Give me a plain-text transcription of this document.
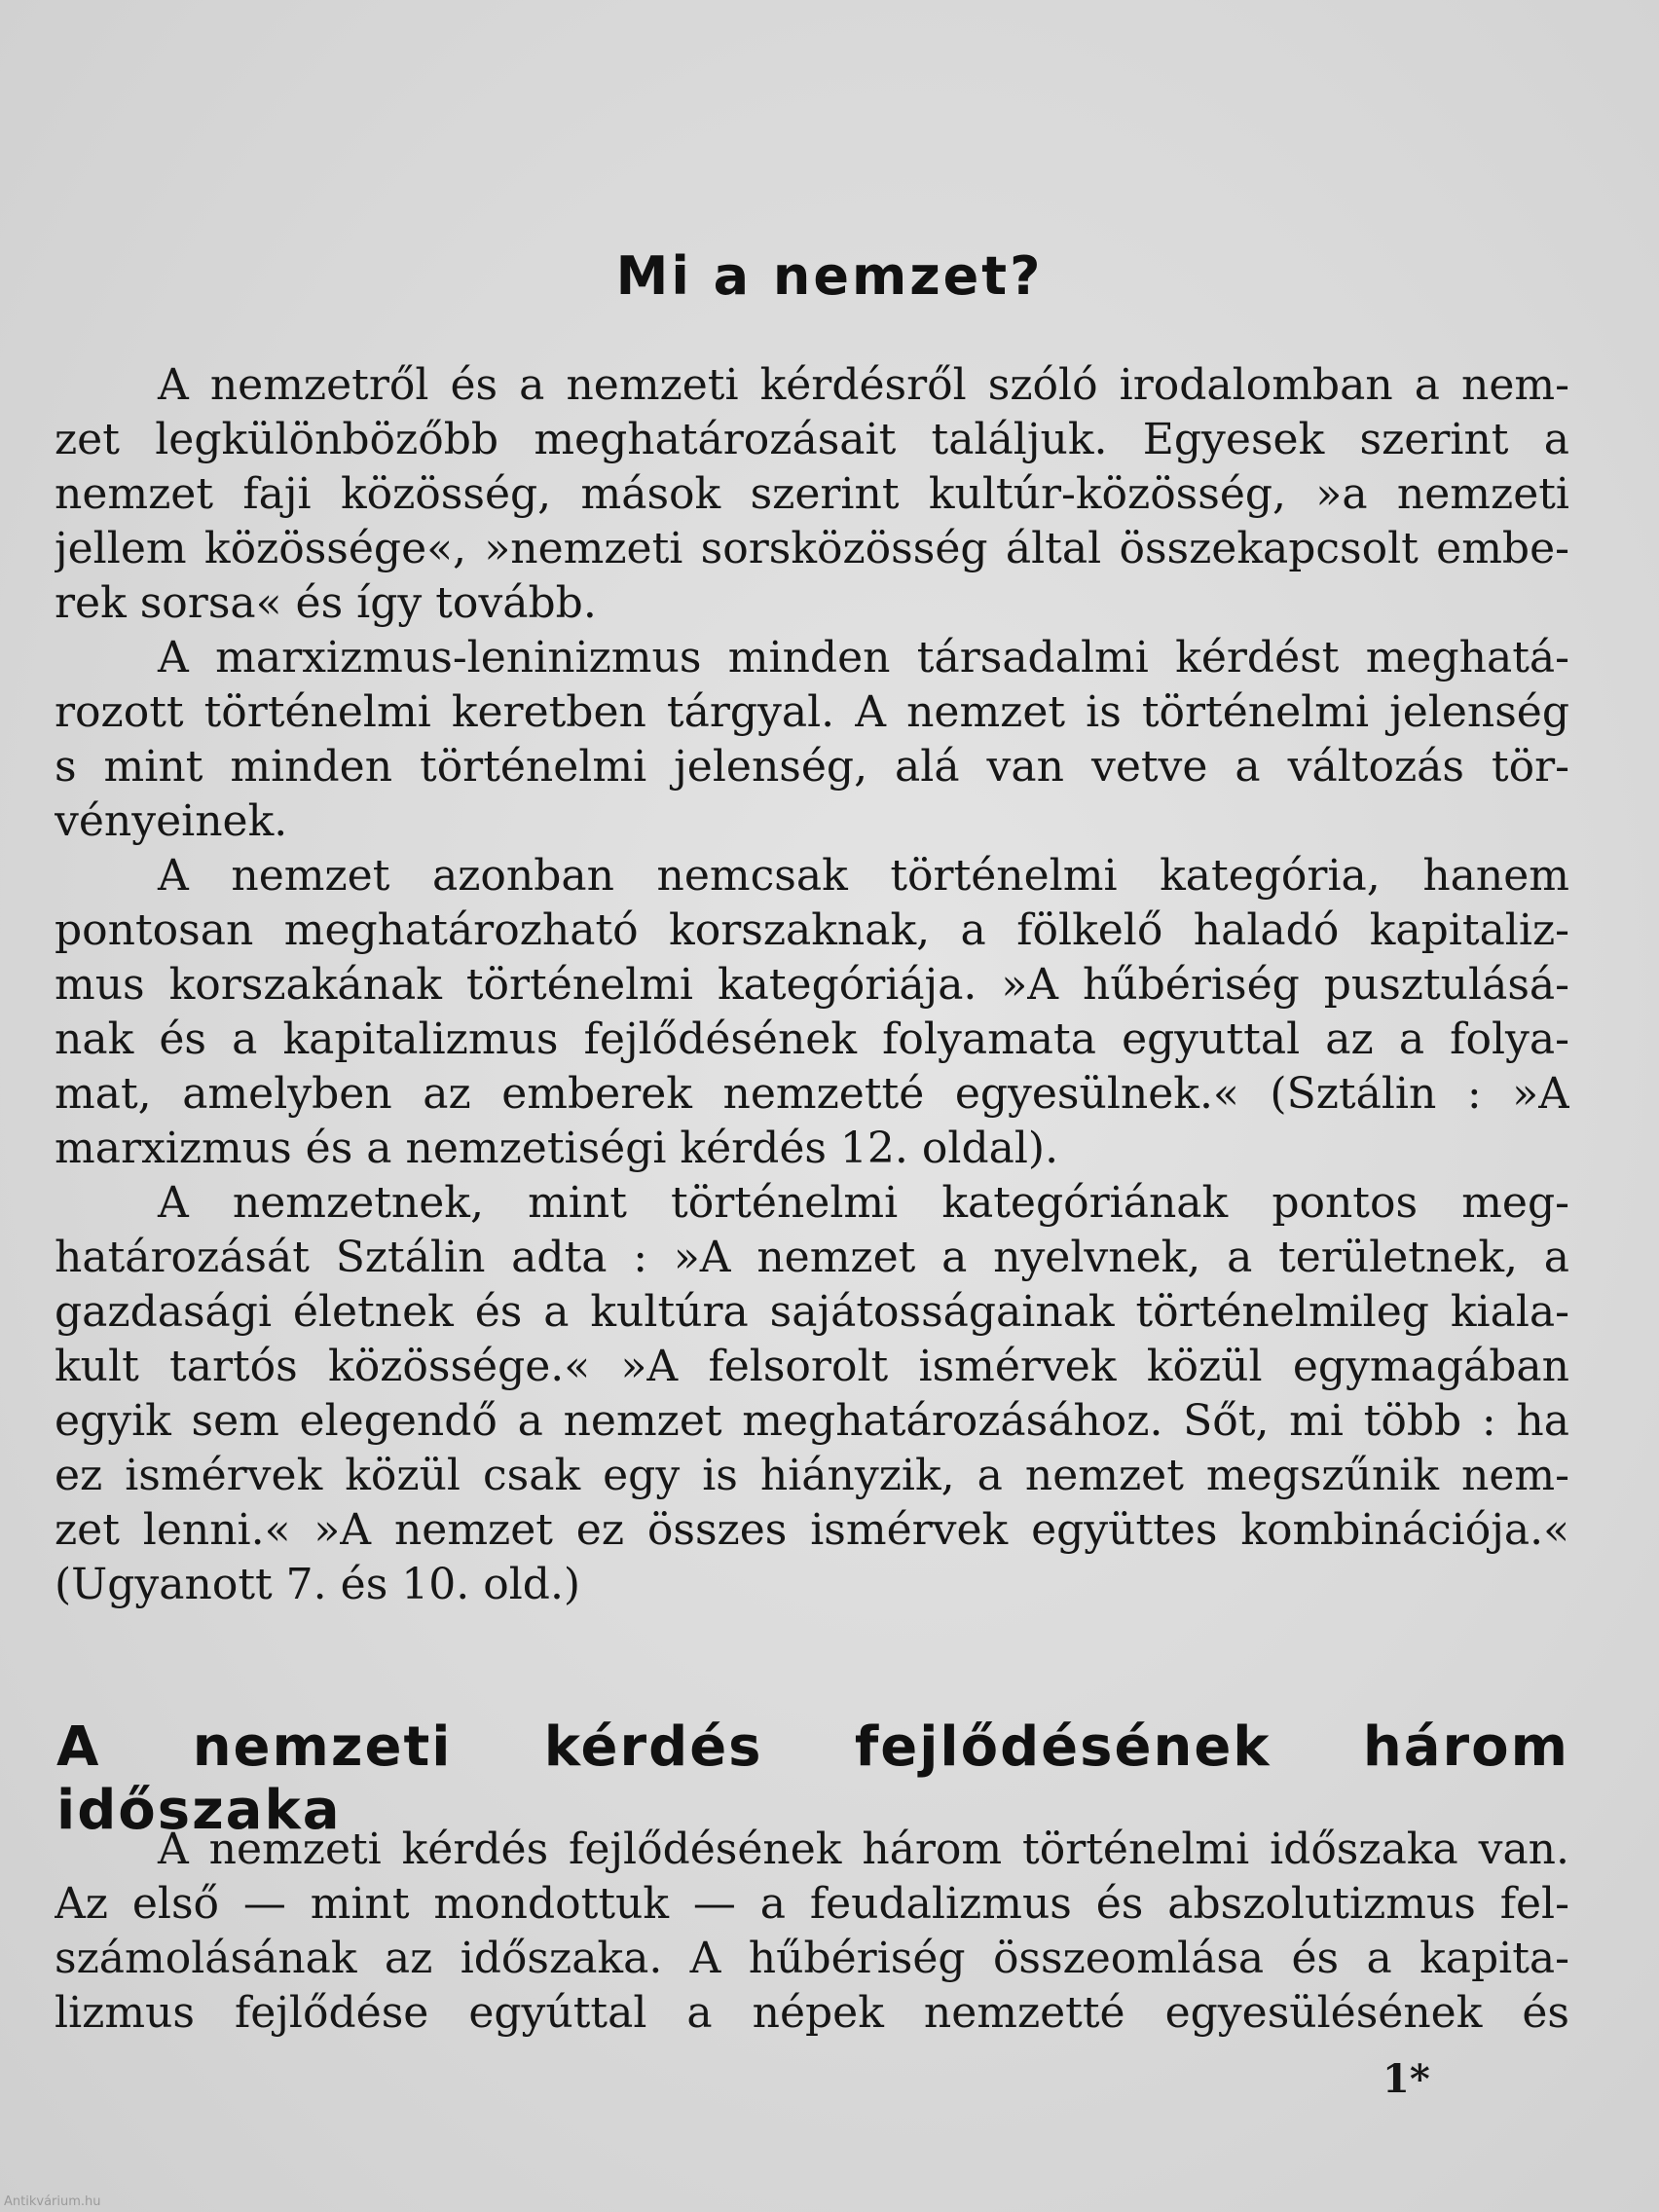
Mi a nemzet?
A nemzetről és a nemzeti kérdésről szóló irodalomban a nem-
zet legkülönbözőbb meghatározásait találjuk. Egyesek szerint a
nemzet faji közösség, mások szerint kultúr-közösség, »a nemzeti
jellem közössége«, »nemzeti sorsközösség által összekapcsolt embe-
rek sorsa« és így tovább.
A marxizmus-leninizmus minden társadalmi kérdést meghatá-
rozott történelmi keretben tárgyal. A nemzet is történelmi jelenség
s mint minden történelmi jelenség, alá van vetve a változás tör-
vényeinek.
A nemzet azonban nemcsak történelmi kategória, hanem
pontosan meghatározható korszaknak, a fölkelő haladó kapitaliz-
mus korszakának történelmi kategóriája. »A hűbériség pusztulásá-
nak és a kapitalizmus fejlődésének folyamata egyuttal az a folya-
mat, amelyben az emberek nemzetté egyesülnek.« (Sztálin : »A
marxizmus és a nemzetiségi kérdés 12. oldal).
A nemzetnek, mint történelmi kategóriának pontos meg-
határozását Sztálin adta : »A nemzet a nyelvnek, a területnek, a
gazdasági életnek és a kultúra sajátosságainak történelmileg kiala-
kult tartós közössége.« »A felsorolt ismérvek közül egymagában
egyik sem elegendő a nemzet meghatározásához. Sőt, mi több : ha
ez ismérvek közül csak egy is hiányzik, a nemzet megszűnik nem-
zet lenni.« »A nemzet ez összes ismérvek együttes kombinációja.«
(Ugyanott 7. és 10. old.)
A nemzeti kérdés fejlődésének három időszaka
A nemzeti kérdés fejlődésének három történelmi időszaka van.
Az első — mint mondottuk — a feudalizmus és abszolutizmus fel-
számolásának az időszaka. A hűbériség összeomlása és a kapita-
lizmus fejlődése egyúttal a népek nemzetté egyesülésének és

1*

Antikvárium.hu
